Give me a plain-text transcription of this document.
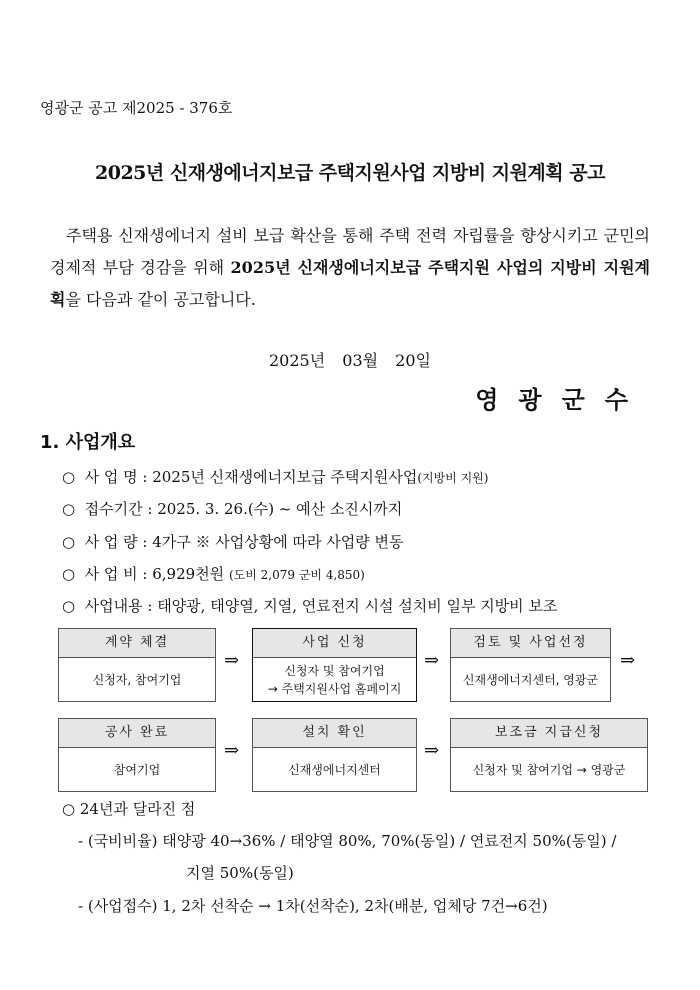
영광군 공고 제2025 - 376호
2025년 신재생에너지보급 주택지원사업 지방비 지원계획 공고
주택용 신재생에너지 설비 보급 확산을 통해 주택 전력 자립률을 향상시키고 군민의 경제적 부담 경감을 위해 2025년 신재생에너지보급 주택지원 사업의 지방비 지원계획을 다음과 같이 공고합니다.
2025년 03월 20일
영광군수
1. 사업개요
○ 사 업 명 : 2025년 신재생에너지보급 주택지원사업(지방비 지원)
○ 접수기간 : 2025. 3. 26.(수) ~ 예산 소진시까지
○ 사 업 량 : 4가구 ※ 사업상황에 따라 사업량 변동
○ 사 업 비 : 6,929천원 (도비 2,079 군비 4,850)
○ 사업내용 : 태양광, 태양열, 지열, 연료전지 시설 설치비 일부 지방비 보조
계약 체결
신청자, 참여기업
⇒
사업 신청
신청자 및 참여기업
→ 주택지원사업 홈페이지
⇒
검토 및 사업선정
신재생에너지센터, 영광군
⇒
공사 완료
참여기업
⇒
설치 확인
신재생에너지센터
⇒
보조금 지급신청
신청자 및 참여기업 → 영광군
○ 24년과 달라진 점
- (국비비율) 태양광 40→36% / 태양열 80%, 70%(동일) / 연료전지 50%(동일) /
지열 50%(동일)
- (사업접수) 1, 2차 선착순 → 1차(선착순), 2차(배분, 업체당 7건→6건)
